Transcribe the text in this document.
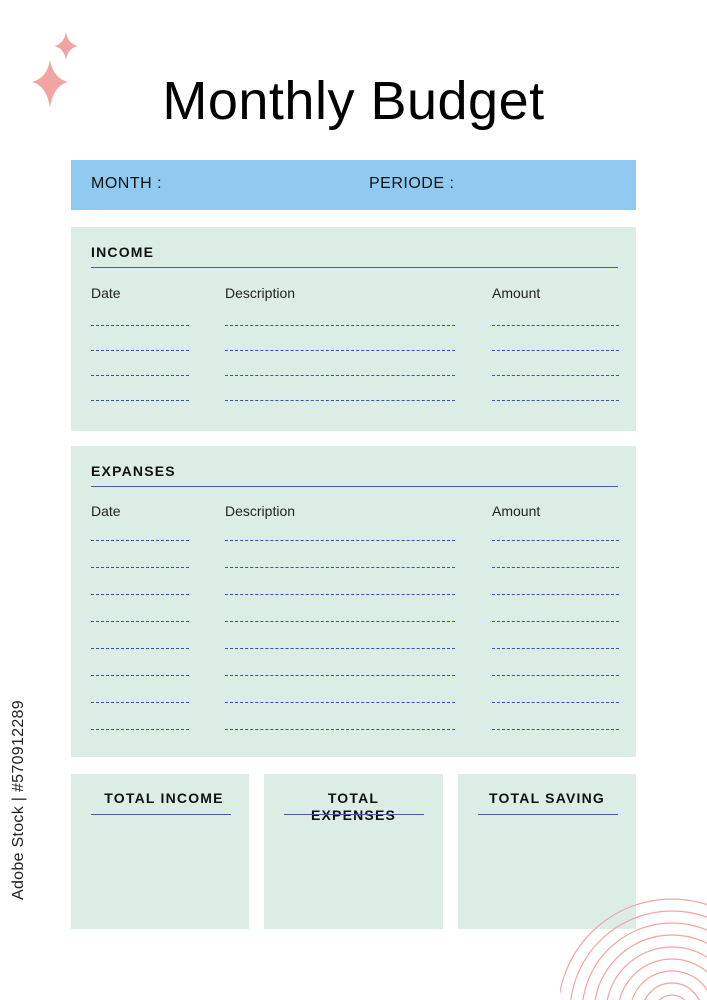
Monthly Budget
MONTH :	PERIODE :
INCOME
Date	Description	Amount
EXPANSES
Date	Description	Amount
TOTAL INCOME	TOTAL EXPENSES
TOTAL SAVING
Adobe Stock | #570912289
